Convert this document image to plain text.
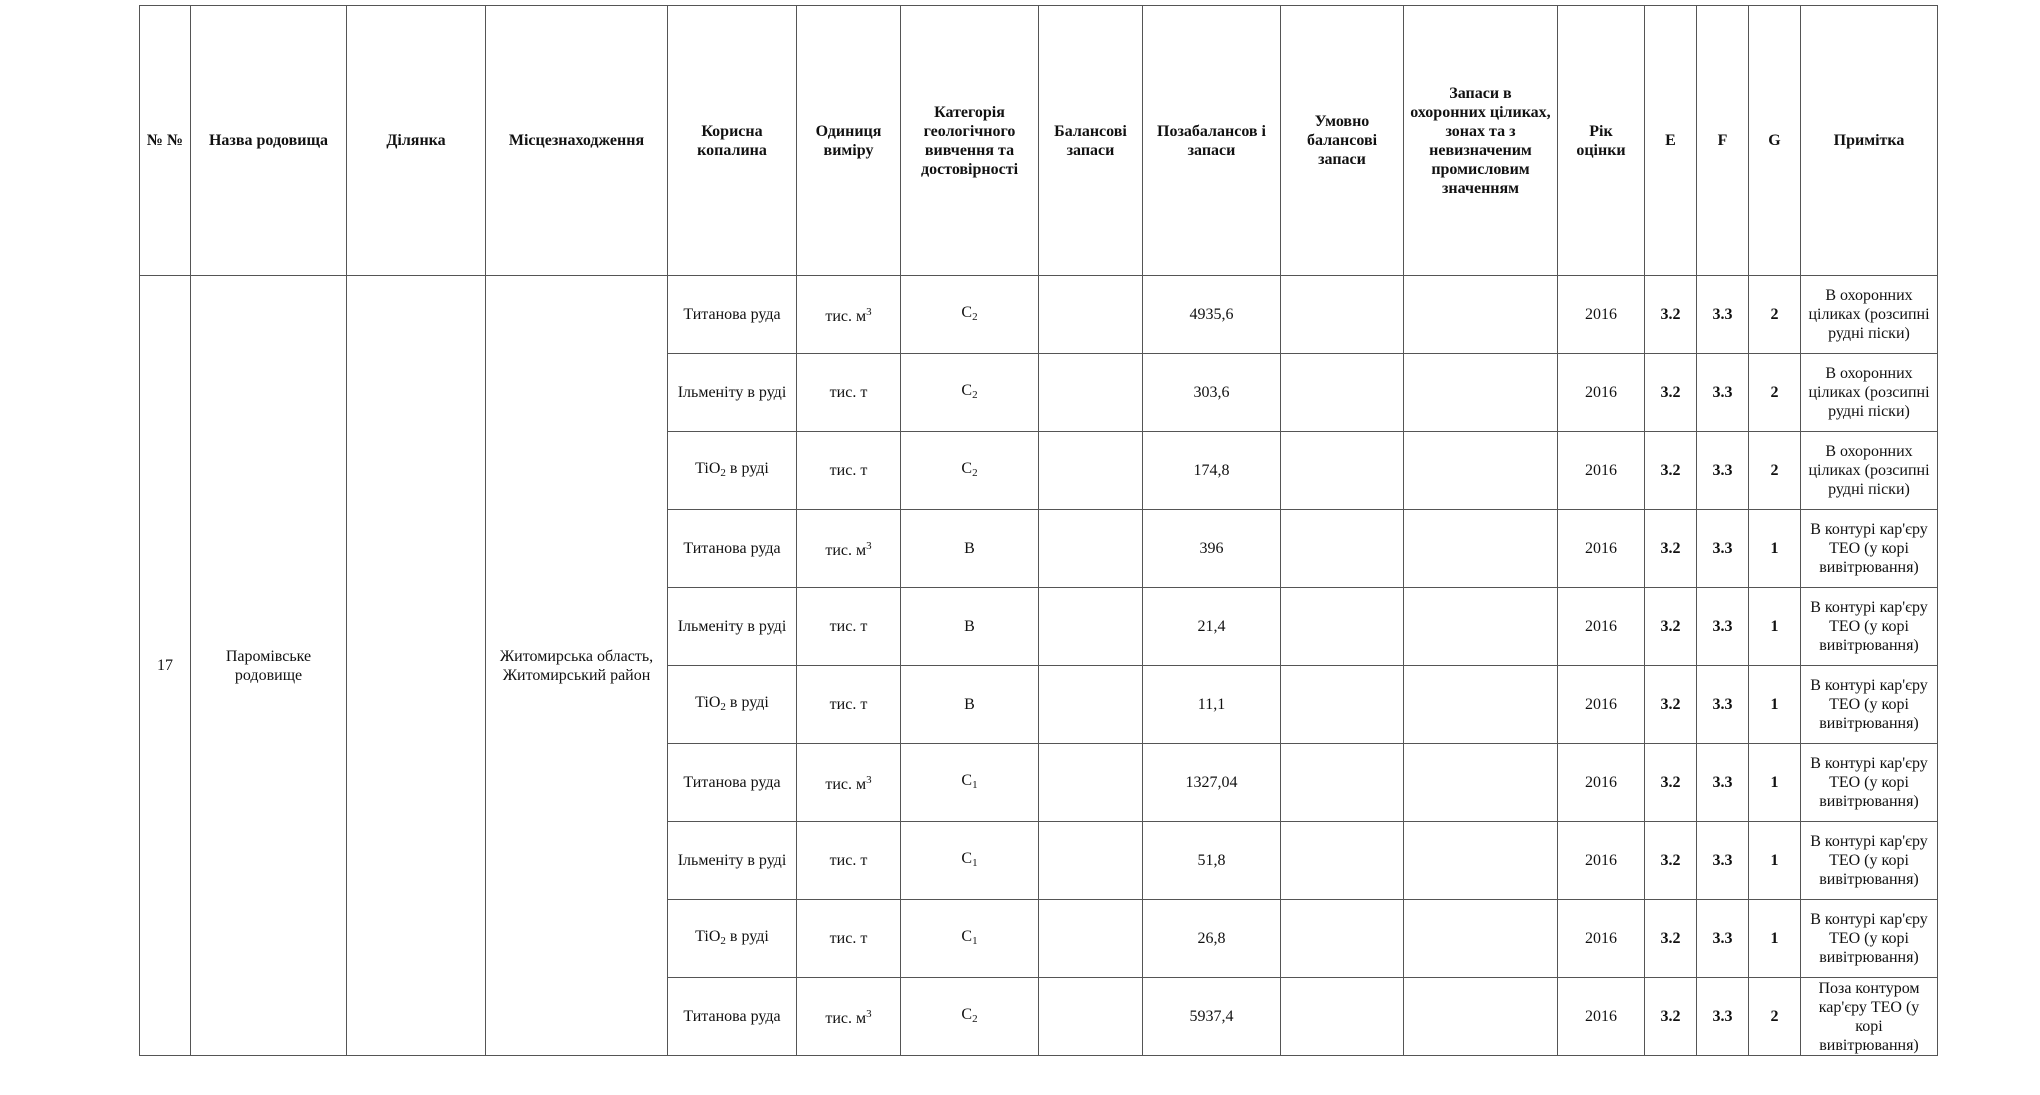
№ №	Назва родовища	Ділянка	Місцезнаходження	Корисна копалина	Одиниця виміру	Категорія геологічного вивчення та достовірності	Балансові запаси	Позабалансов і запаси	Умовно балансові запаси	Запаси в охоронних цiликах, зонах та з невизначеним промисловим значенням	Рік оцінки	E	F	G	Примітка
17	Паромівське родовище		Житомирська область, Житомирський район	Титанова руда	тис. $м^3$	$C_2$		4935,6			2016	3.2	3.3	2	В охоронних ціликах (розсипні рудні піски)
				Ільменіту в руді	тис. т	$C_2$		303,6			2016	3.2	3.3	2	В охоронних ціликах (розсипні рудні піски)
				TiO$_2$ в руді	тис. т	$C_2$		174,8			2016	3.2	3.3	2	В охоронних ціликах (розсипні рудні піски)
				Титанова руда	тис. $м^3$	B		396			2016	3.2	3.3	1	В контурі кар'єру ТЕО (у корі вивітрювання)
				Ільменіту в руді	тис. т	B		21,4			2016	3.2	3.3	1	В контурі кар'єру ТЕО (у корі вивітрювання)
				TiO$_2$ в руді	тис. т	B		11,1			2016	3.2	3.3	1	В контурі кар'єру ТЕО (у корі вивітрювання)
				Титанова руда	тис. $м^3$	$C_1$		1327,04			2016	3.2	3.3	1	В контурі кар'єру ТЕО (у корі вивітрювання)
				Ільменіту в руді	тис. т	$C_1$		51,8			2016	3.2	3.3	1	В контурі кар'єру ТЕО (у корі вивітрювання)
				TiO$_2$ в руді	тис. т	$C_1$		26,8			2016	3.2	3.3	1	В контурі кар'єру ТЕО (у корі вивітрювання)
				Титанова руда	тис. $м^3$	$C_2$		5937,4			2016	3.2	3.3	2	Поза контуром кар'єру ТЕО (у корі вивітрювання)
